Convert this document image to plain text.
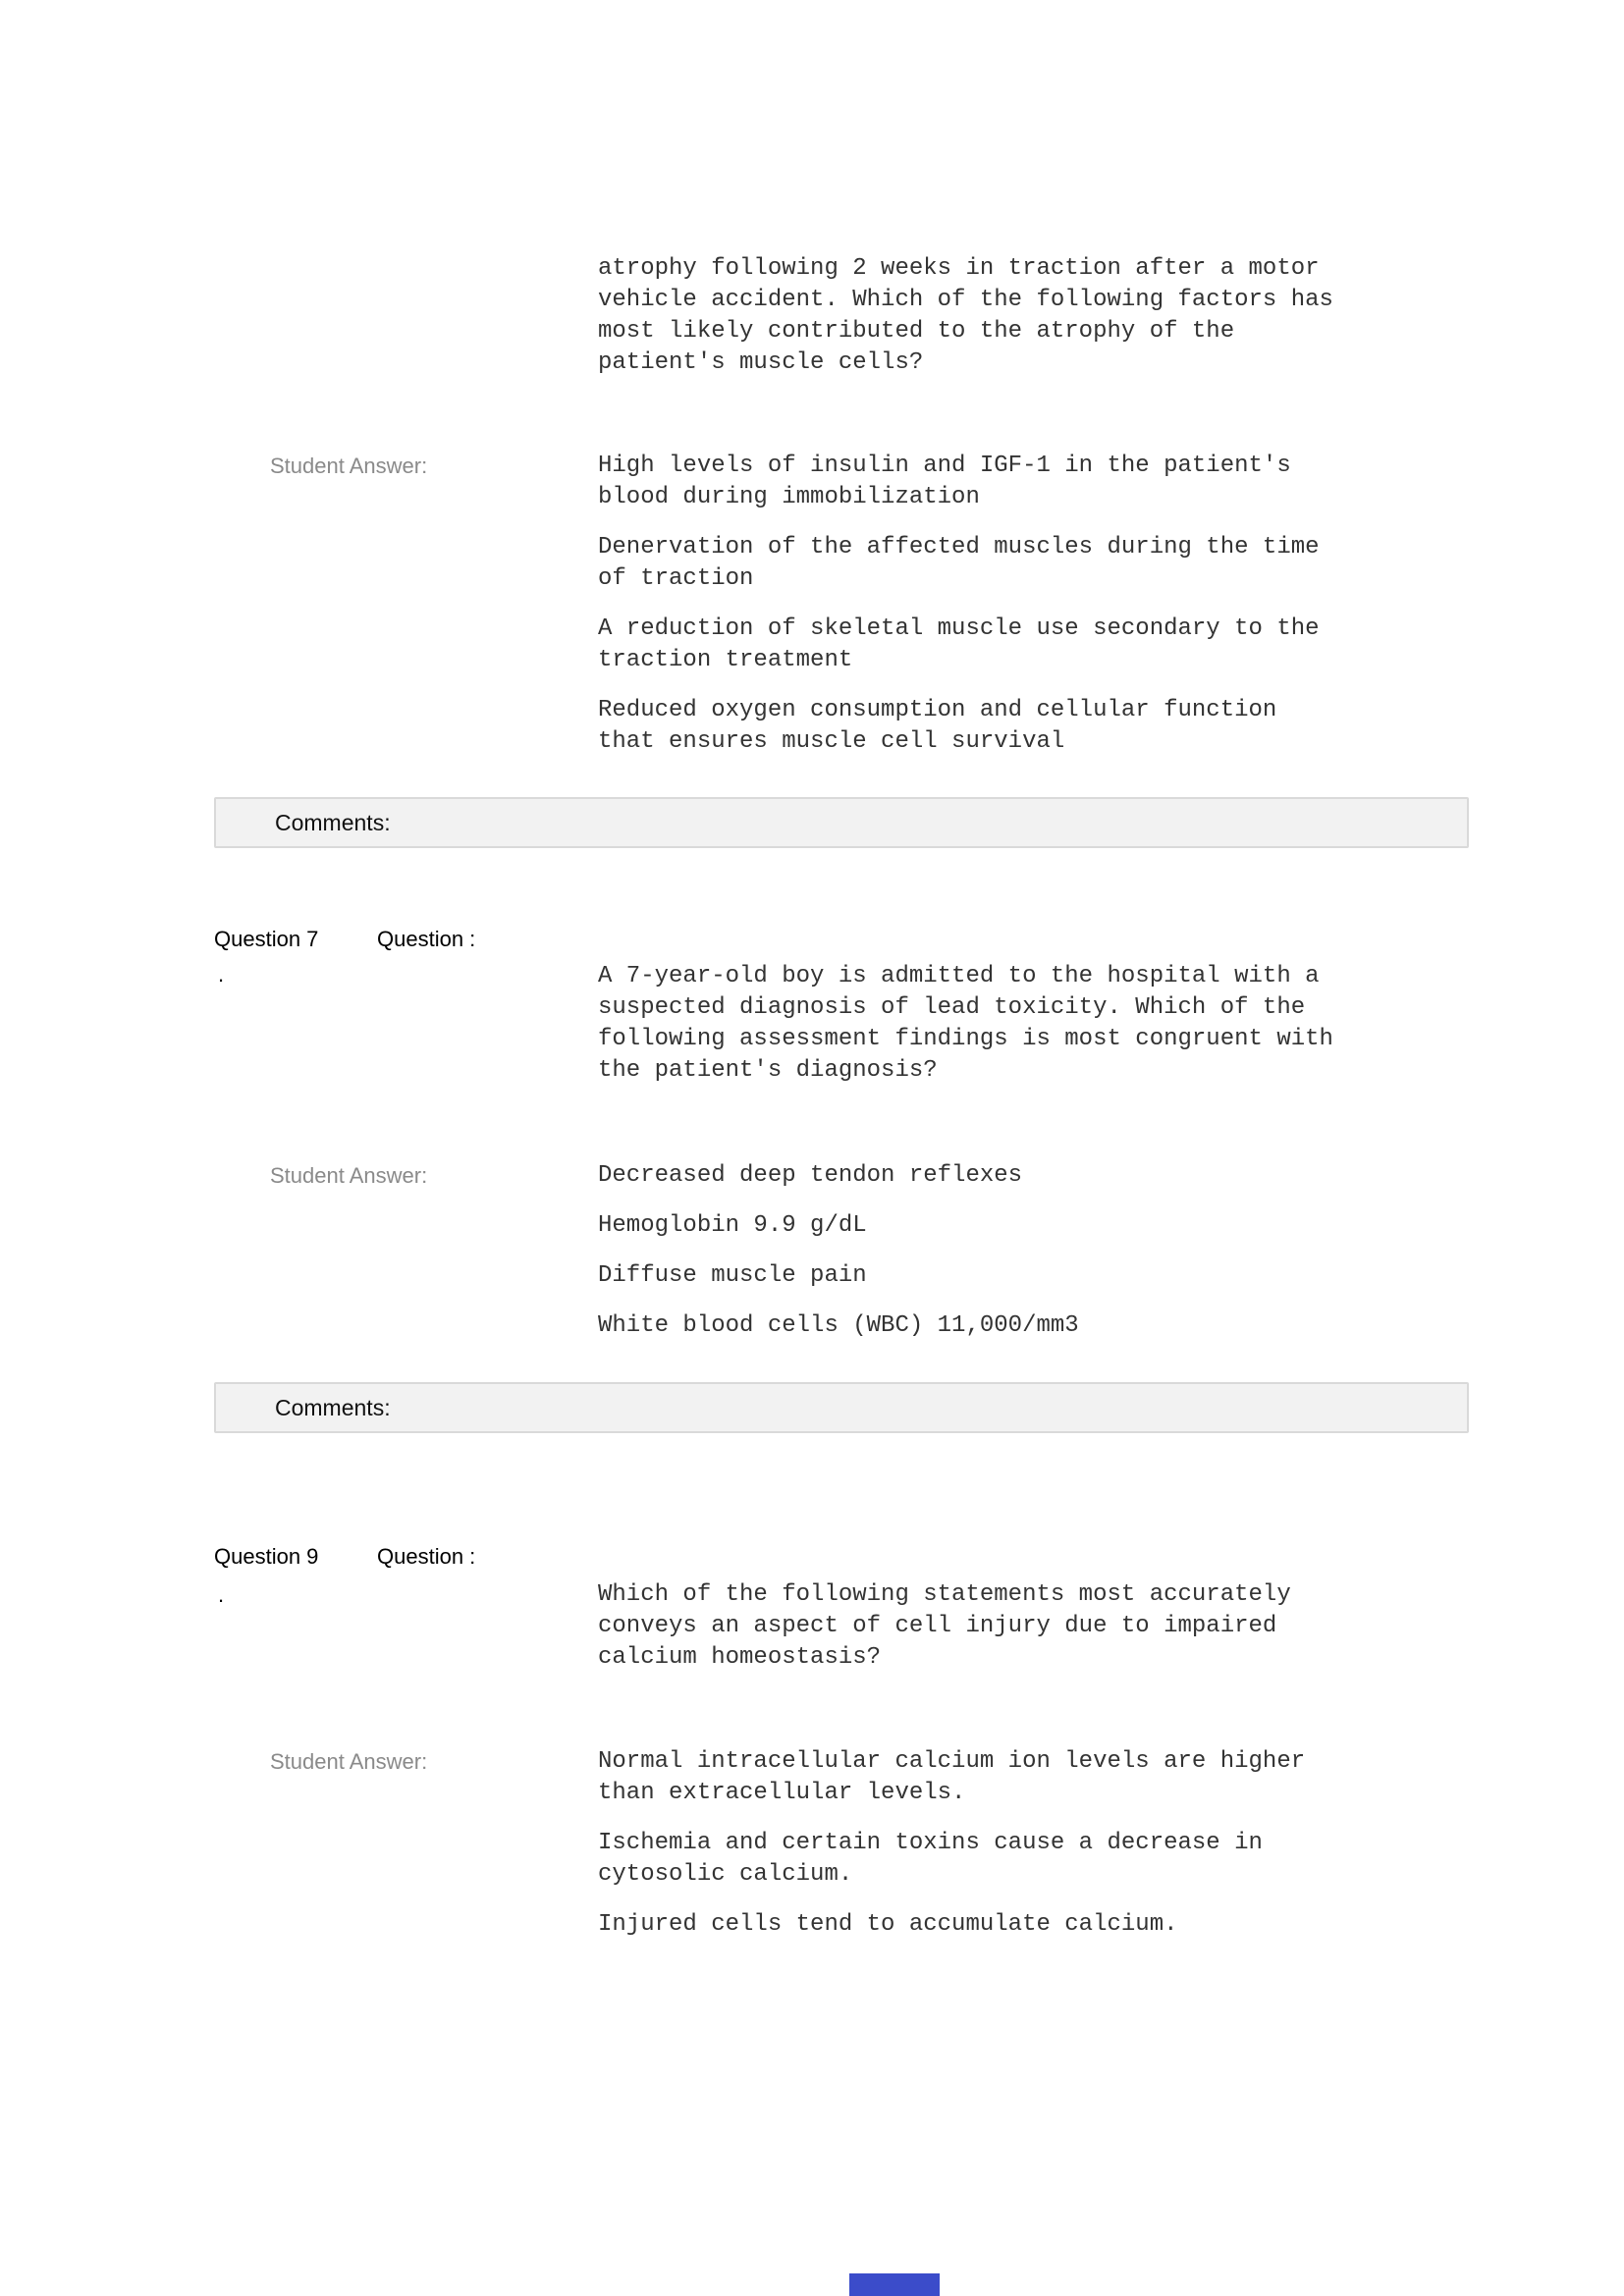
atrophy following 2 weeks in traction after a motor vehicle accident. Which of the following factors has most likely contributed to the atrophy of the patient's muscle cells?
Student Answer:	High levels of insulin and IGF-1 in the patient's blood during immobilization

Denervation of the affected muscles during the time of traction

A reduction of skeletal muscle use secondary to the traction treatment

Reduced oxygen consumption and cellular function that ensures muscle cell survival

Comments:
Question 7	Question :
.	A 7-year-old boy is admitted to the hospital with a suspected diagnosis of lead toxicity. Which of the following assessment findings is most congruent with the patient's diagnosis?
Student Answer:	Decreased deep tendon reflexes

Hemoglobin 9.9 g/dL

Diffuse muscle pain

White blood cells (WBC) 11,000/mm3

Comments:
Question 9	Question :
.	Which of the following statements most accurately conveys an aspect of cell injury due to impaired calcium homeostasis?
Student Answer:	Normal intracellular calcium ion levels are higher than extracellular levels.

Ischemia and certain toxins cause a decrease in cytosolic calcium.

Injured cells tend to accumulate calcium.
